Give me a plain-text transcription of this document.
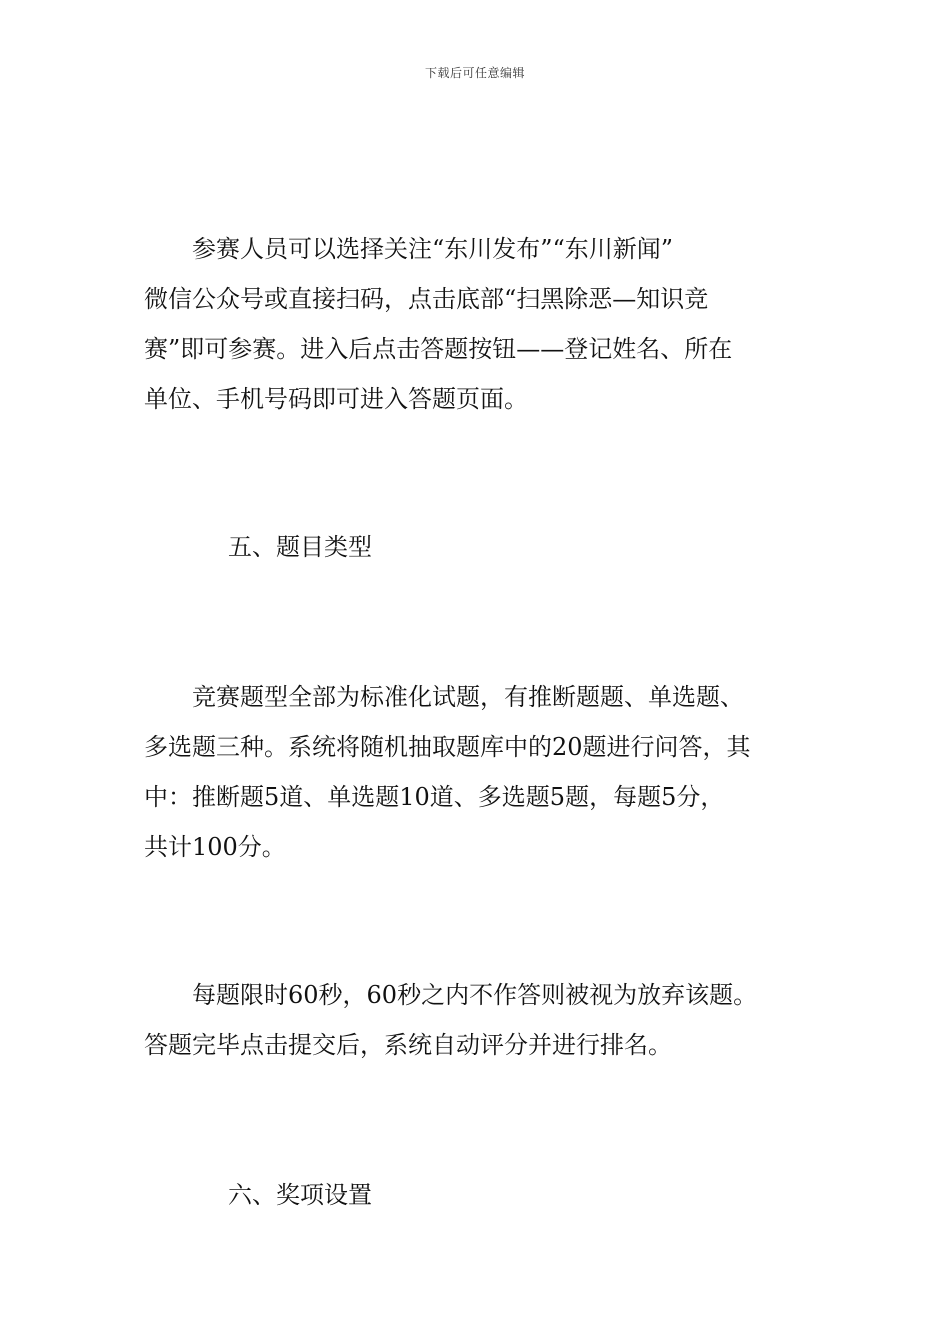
下载后可任意编辑
参赛人员可以选择关注“东川发布”“东川新闻”
微信公众号或直接扫码，点击底部“扫黑除恶—知识竞
赛”即可参赛。进入后点击答题按钮——登记姓名、所在
单位、手机号码即可进入答题页面。
五、题目类型
竞赛题型全部为标准化试题，有推断题题、单选题、
多选题三种。系统将随机抽取题库中的20题进行问答，其
中：推断题5道、单选题10道、多选题5题，每题5分，
共计100分。
每题限时60秒，60秒之内不作答则被视为放弃该题。
答题完毕点击提交后，系统自动评分并进行排名。
六、奖项设置
